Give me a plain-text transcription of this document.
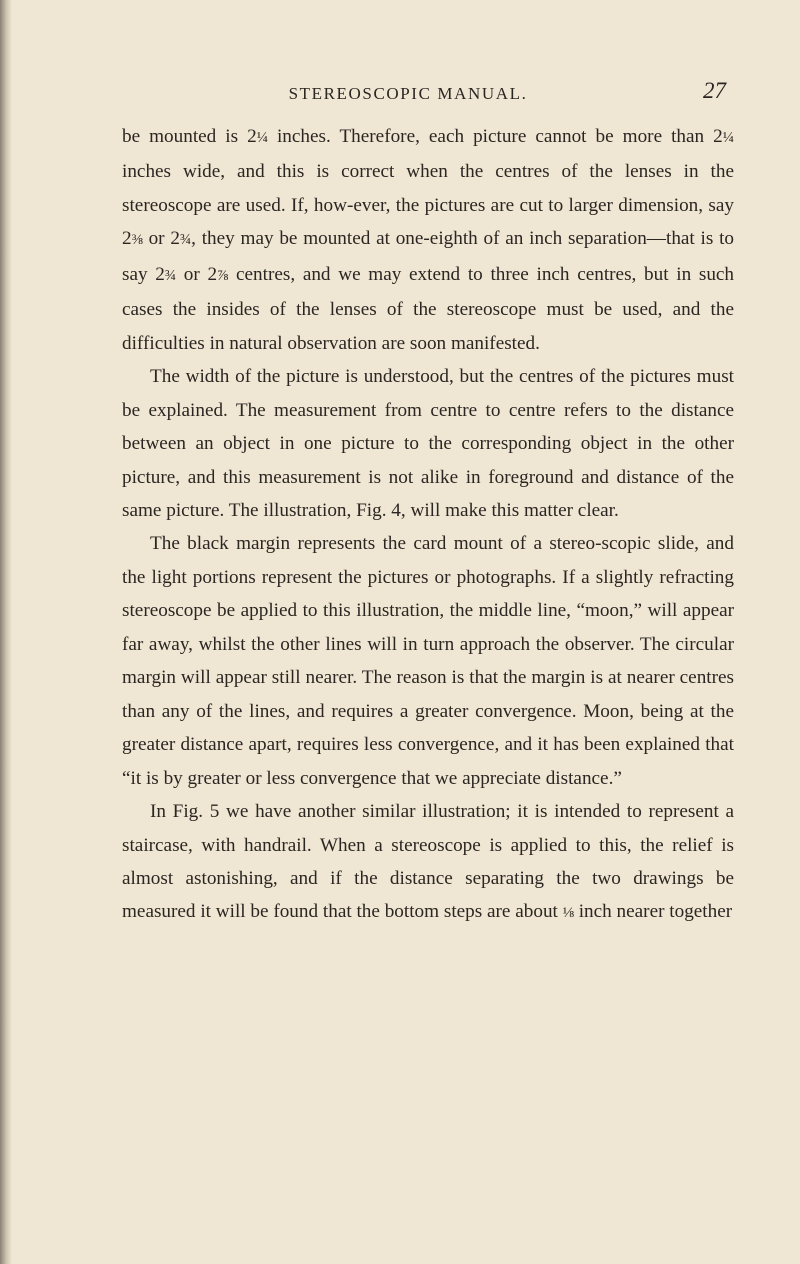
STEREOSCOPIC MANUAL.	27

be mounted is 2¼ inches. Therefore, each picture cannot be more than 2¼ inches wide, and this is correct when the centres of the lenses in the stereoscope are used. If, how-ever, the pictures are cut to larger dimension, say 2⅜ or 2¾, they may be mounted at one-eighth of an inch separation—that is to say 2¾ or 2⅞ centres, and we may extend to three inch centres, but in such cases the insides of the lenses of the stereoscope must be used, and the difficulties in natural observation are soon manifested.

The width of the picture is understood, but the centres of the pictures must be explained. The measurement from centre to centre refers to the distance between an object in one picture to the corresponding object in the other picture, and this measurement is not alike in foreground and distance of the same picture. The illustration, Fig. 4, will make this matter clear.

The black margin represents the card mount of a stereo-scopic slide, and the light portions represent the pictures or photographs. If a slightly refracting stereoscope be applied to this illustration, the middle line, “moon,” will appear far away, whilst the other lines will in turn approach the observer. The circular margin will appear still nearer. The reason is that the margin is at nearer centres than any of the lines, and requires a greater convergence. Moon, being at the greater distance apart, requires less convergence, and it has been explained that “it is by greater or less convergence that we appreciate distance.”

In Fig. 5 we have another similar illustration; it is intended to represent a staircase, with handrail. When a stereoscope is applied to this, the relief is almost astonishing, and if the distance separating the two drawings be measured it will be found that the bottom steps are about ⅛ inch nearer together
